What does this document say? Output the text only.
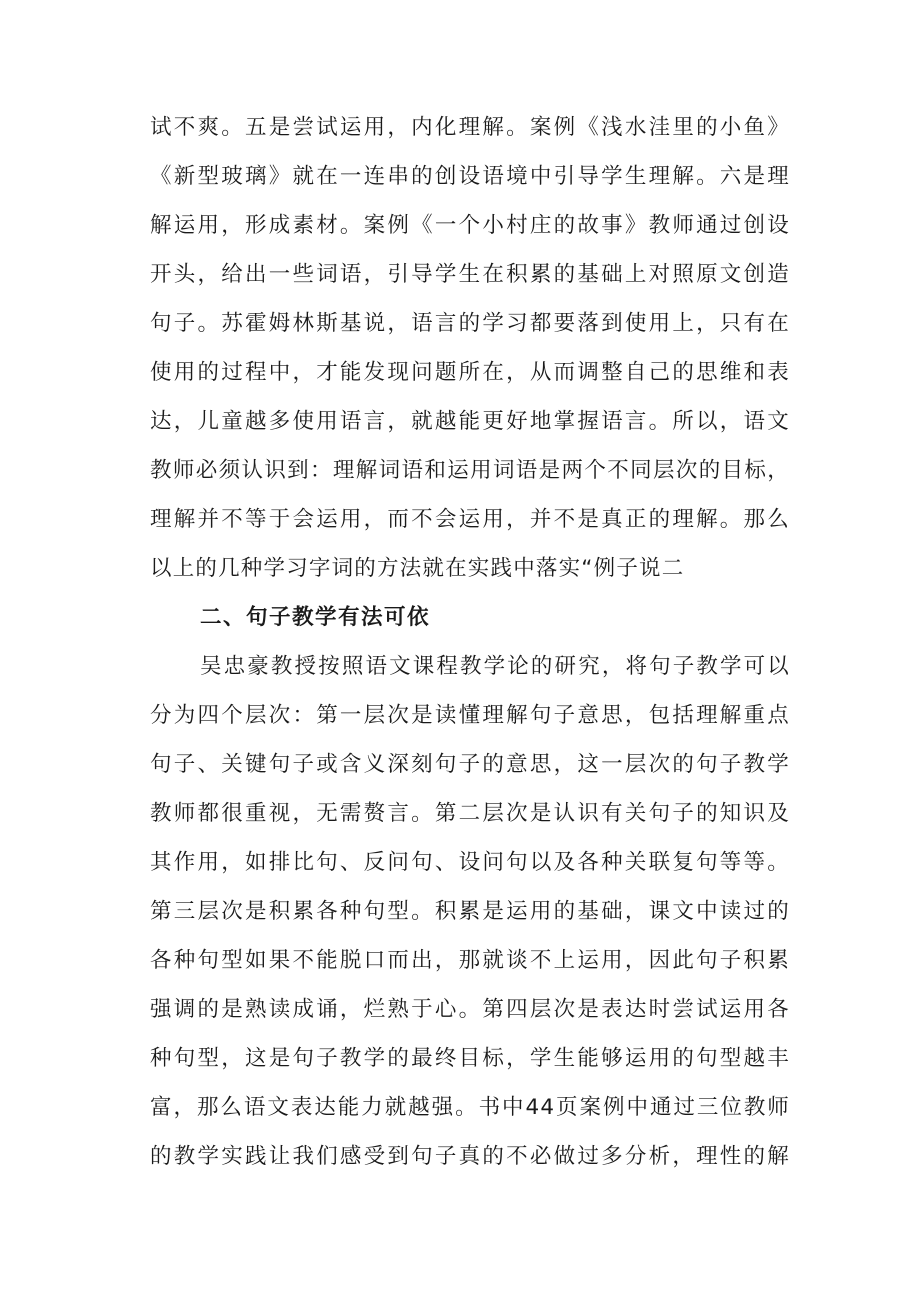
试不爽。五是尝试运用，内化理解。案例《浅水洼里的小鱼》
《新型玻璃》就在一连串的创设语境中引导学生理解。六是理
解运用，形成素材。案例《一个小村庄的故事》教师通过创设
开头，给出一些词语，引导学生在积累的基础上对照原文创造
句子。苏霍姆林斯基说，语言的学习都要落到使用上，只有在
使用的过程中，才能发现问题所在，从而调整自己的思维和表
达，儿童越多使用语言，就越能更好地掌握语言。所以，语文
教师必须认识到：理解词语和运用词语是两个不同层次的目标，
理解并不等于会运用，而不会运用，并不是真正的理解。那么
以上的几种学习字词的方法就在实践中落实“例子说二
二、句子教学有法可依
吴忠豪教授按照语文课程教学论的研究，将句子教学可以
分为四个层次：第一层次是读懂理解句子意思，包括理解重点
句子、关键句子或含义深刻句子的意思，这一层次的句子教学
教师都很重视，无需赘言。第二层次是认识有关句子的知识及
其作用，如排比句、反问句、设问句以及各种关联复句等等。
第三层次是积累各种句型。积累是运用的基础，课文中读过的
各种句型如果不能脱口而出，那就谈不上运用，因此句子积累
强调的是熟读成诵，烂熟于心。第四层次是表达时尝试运用各
种句型，这是句子教学的最终目标，学生能够运用的句型越丰
富，那么语文表达能力就越强。书中44页案例中通过三位教师
的教学实践让我们感受到句子真的不必做过多分析，理性的解
